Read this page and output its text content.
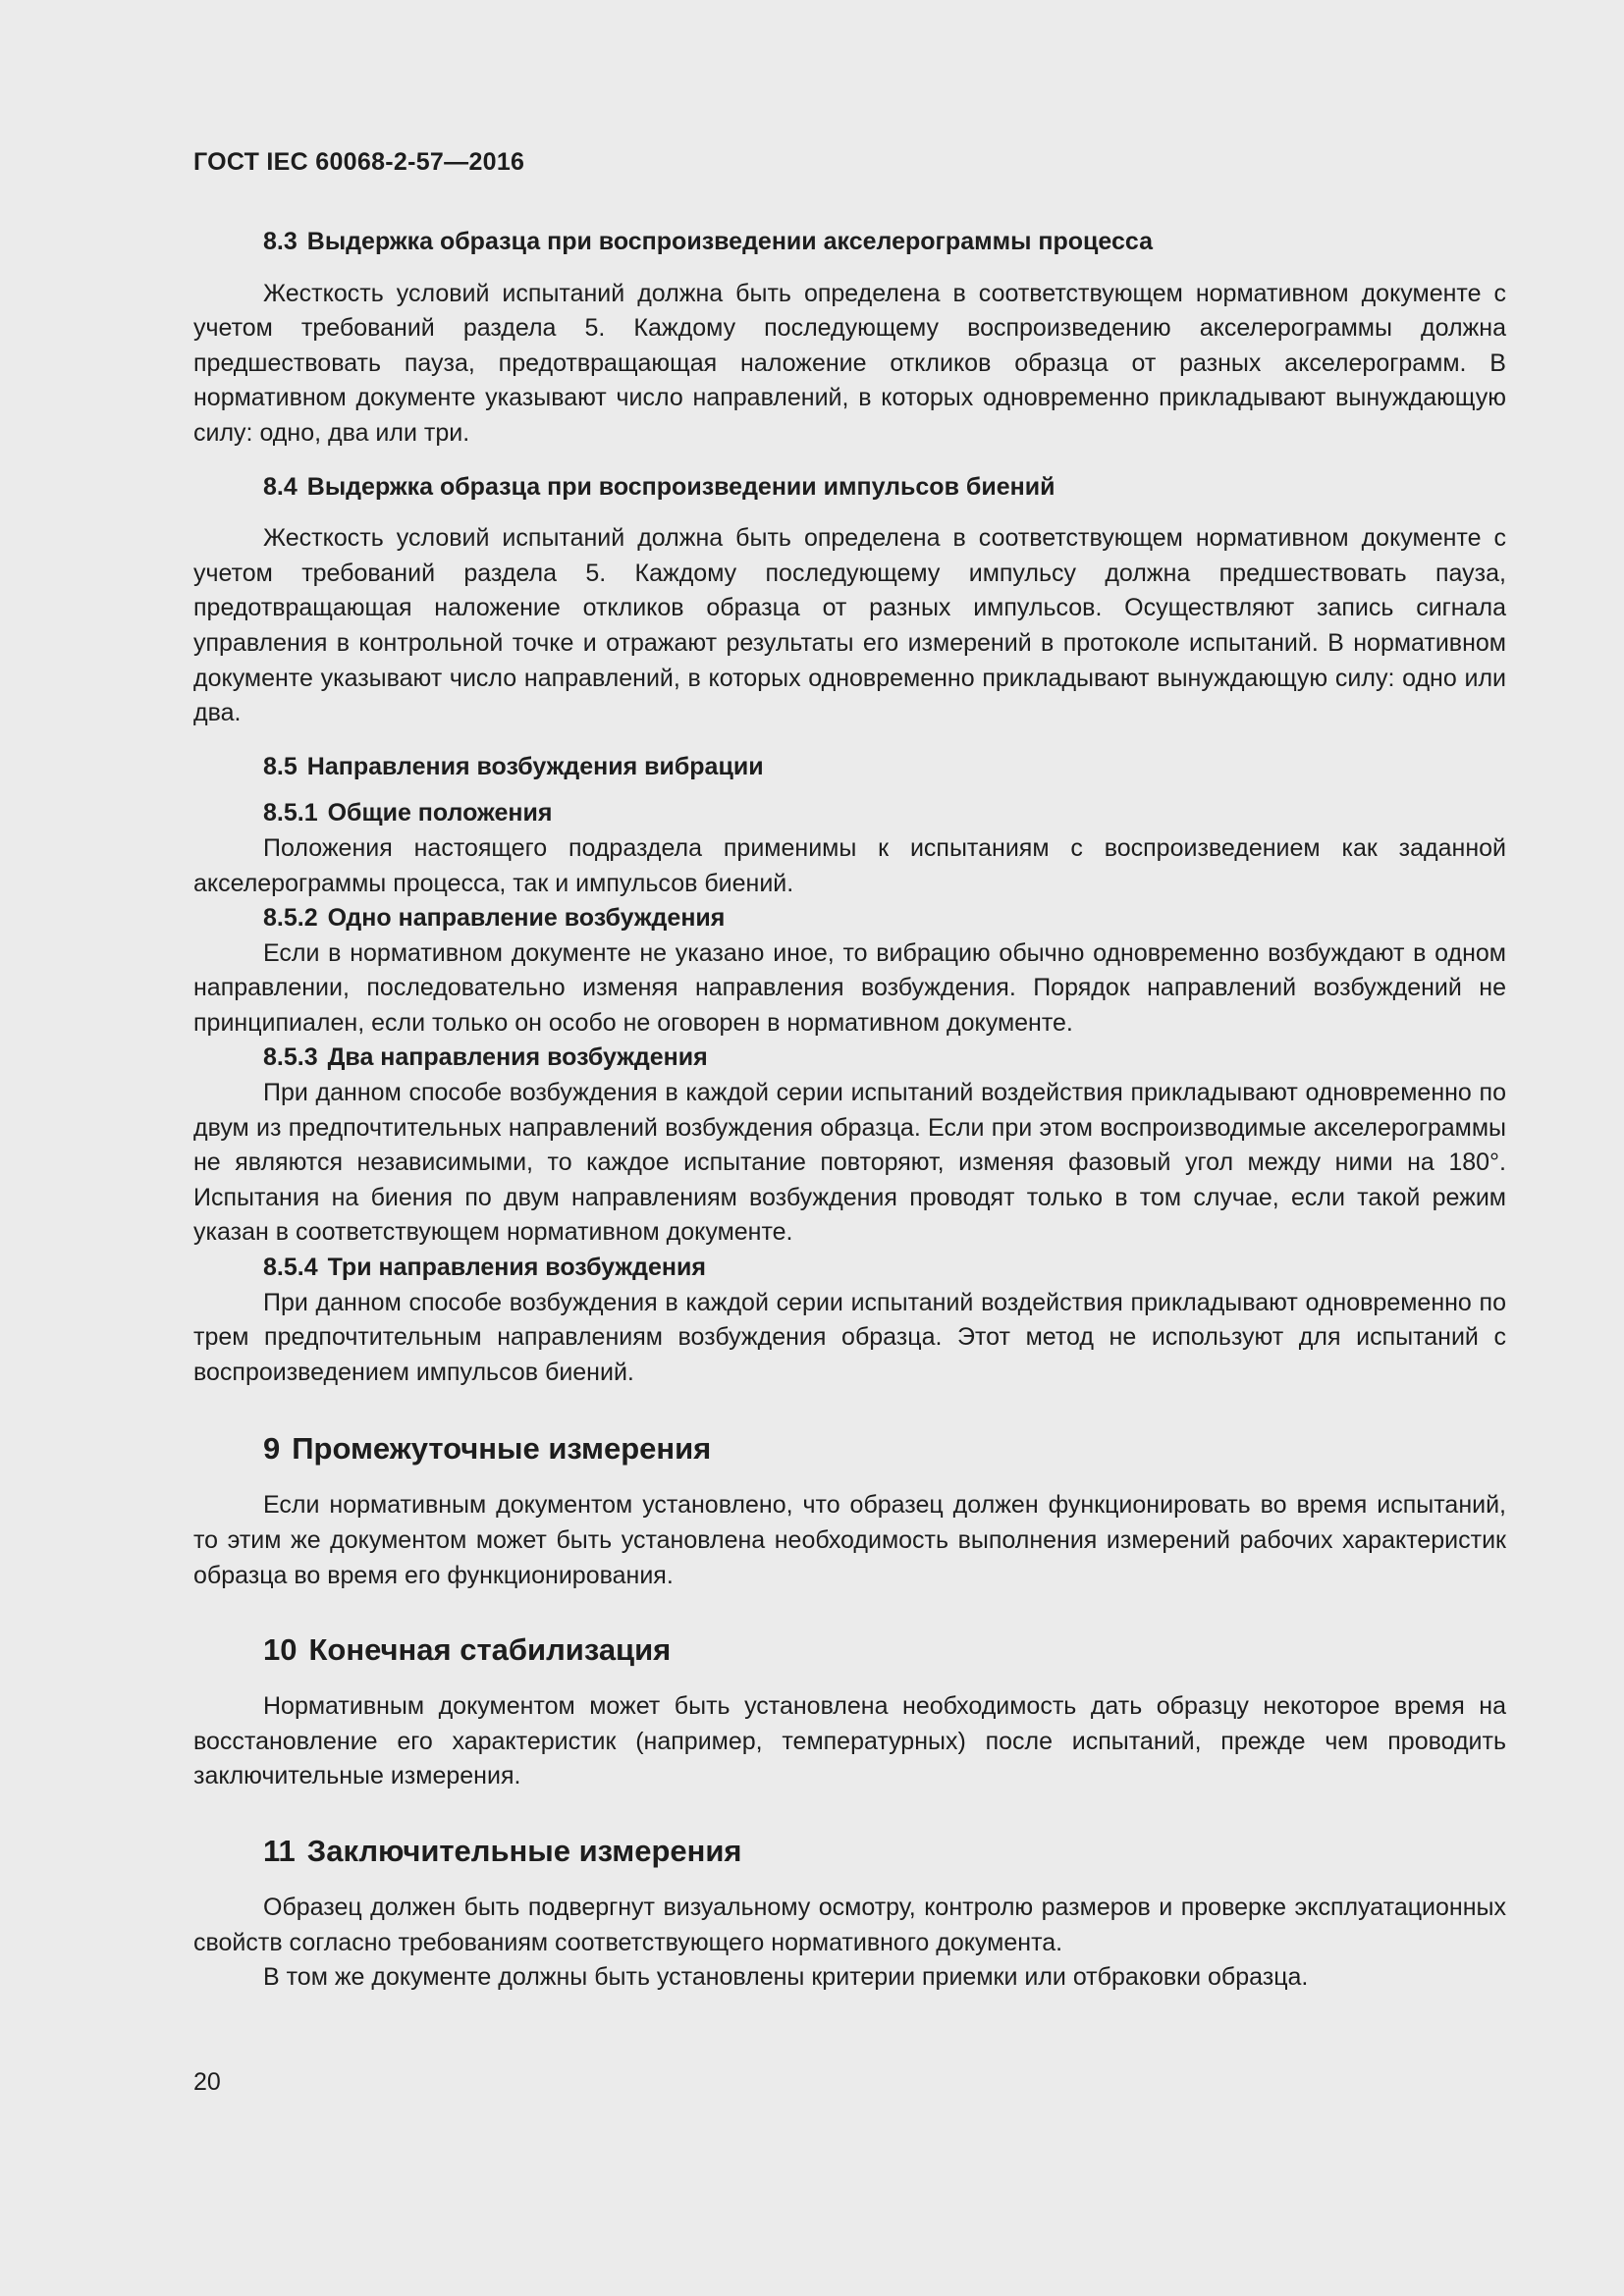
ГОСТ IEC 60068-2-57—2016
8.3 Выдержка образца при воспроизведении акселерограммы процесса

Жесткость условий испытаний должна быть определена в соответствующем нормативном документе с учетом требований раздела 5. Каждому последующему воспроизведению акселерограммы должна предшествовать пауза, предотвращающая наложение откликов образца от разных акселерограмм. В нормативном документе указывают число направлений, в которых одновременно прикладывают вынуждающую силу: одно, два или три.

8.4 Выдержка образца при воспроизведении импульсов биений

Жесткость условий испытаний должна быть определена в соответствующем нормативном документе с учетом требований раздела 5. Каждому последующему импульсу должна предшествовать пауза, предотвращающая наложение откликов образца от разных импульсов. Осуществляют запись сигнала управления в контрольной точке и отражают результаты его измерений в протоколе испытаний. В нормативном документе указывают число направлений, в которых одновременно прикладывают вынуждающую силу: одно или два.

8.5 Направления возбуждения вибрации
8.5.1 Общие положения

Положения настоящего подраздела применимы к испытаниям с воспроизведением как заданной акселерограммы процесса, так и импульсов биений.

8.5.2 Одно направление возбуждения

Если в нормативном документе не указано иное, то вибрацию обычно одновременно возбуждают в одном направлении, последовательно изменяя направления возбуждения. Порядок направлений возбуждений не принципиален, если только он особо не оговорен в нормативном документе.

8.5.3 Два направления возбуждения

При данном способе возбуждения в каждой серии испытаний воздействия прикладывают одновременно по двум из предпочтительных направлений возбуждения образца. Если при этом воспроизводимые акселерограммы не являются независимыми, то каждое испытание повторяют, изменяя фазовый угол между ними на 180°. Испытания на биения по двум направлениям возбуждения проводят только в том случае, если такой режим указан в соответствующем нормативном документе.

8.5.4 Три направления возбуждения

При данном способе возбуждения в каждой серии испытаний воздействия прикладывают одновременно по трем предпочтительным направлениям возбуждения образца. Этот метод не используют для испытаний с воспроизведением импульсов биений.

9 Промежуточные измерения

Если нормативным документом установлено, что образец должен функционировать во время испытаний, то этим же документом может быть установлена необходимость выполнения измерений рабочих характеристик образца во время его функционирования.

10 Конечная стабилизация

Нормативным документом может быть установлена необходимость дать образцу некоторое время на восстановление его характеристик (например, температурных) после испытаний, прежде чем проводить заключительные измерения.

11 Заключительные измерения

Образец должен быть подвергнут визуальному осмотру, контролю размеров и проверке эксплуатационных свойств согласно требованиям соответствующего нормативного документа.

В том же документе должны быть установлены критерии приемки или отбраковки образца.

20
